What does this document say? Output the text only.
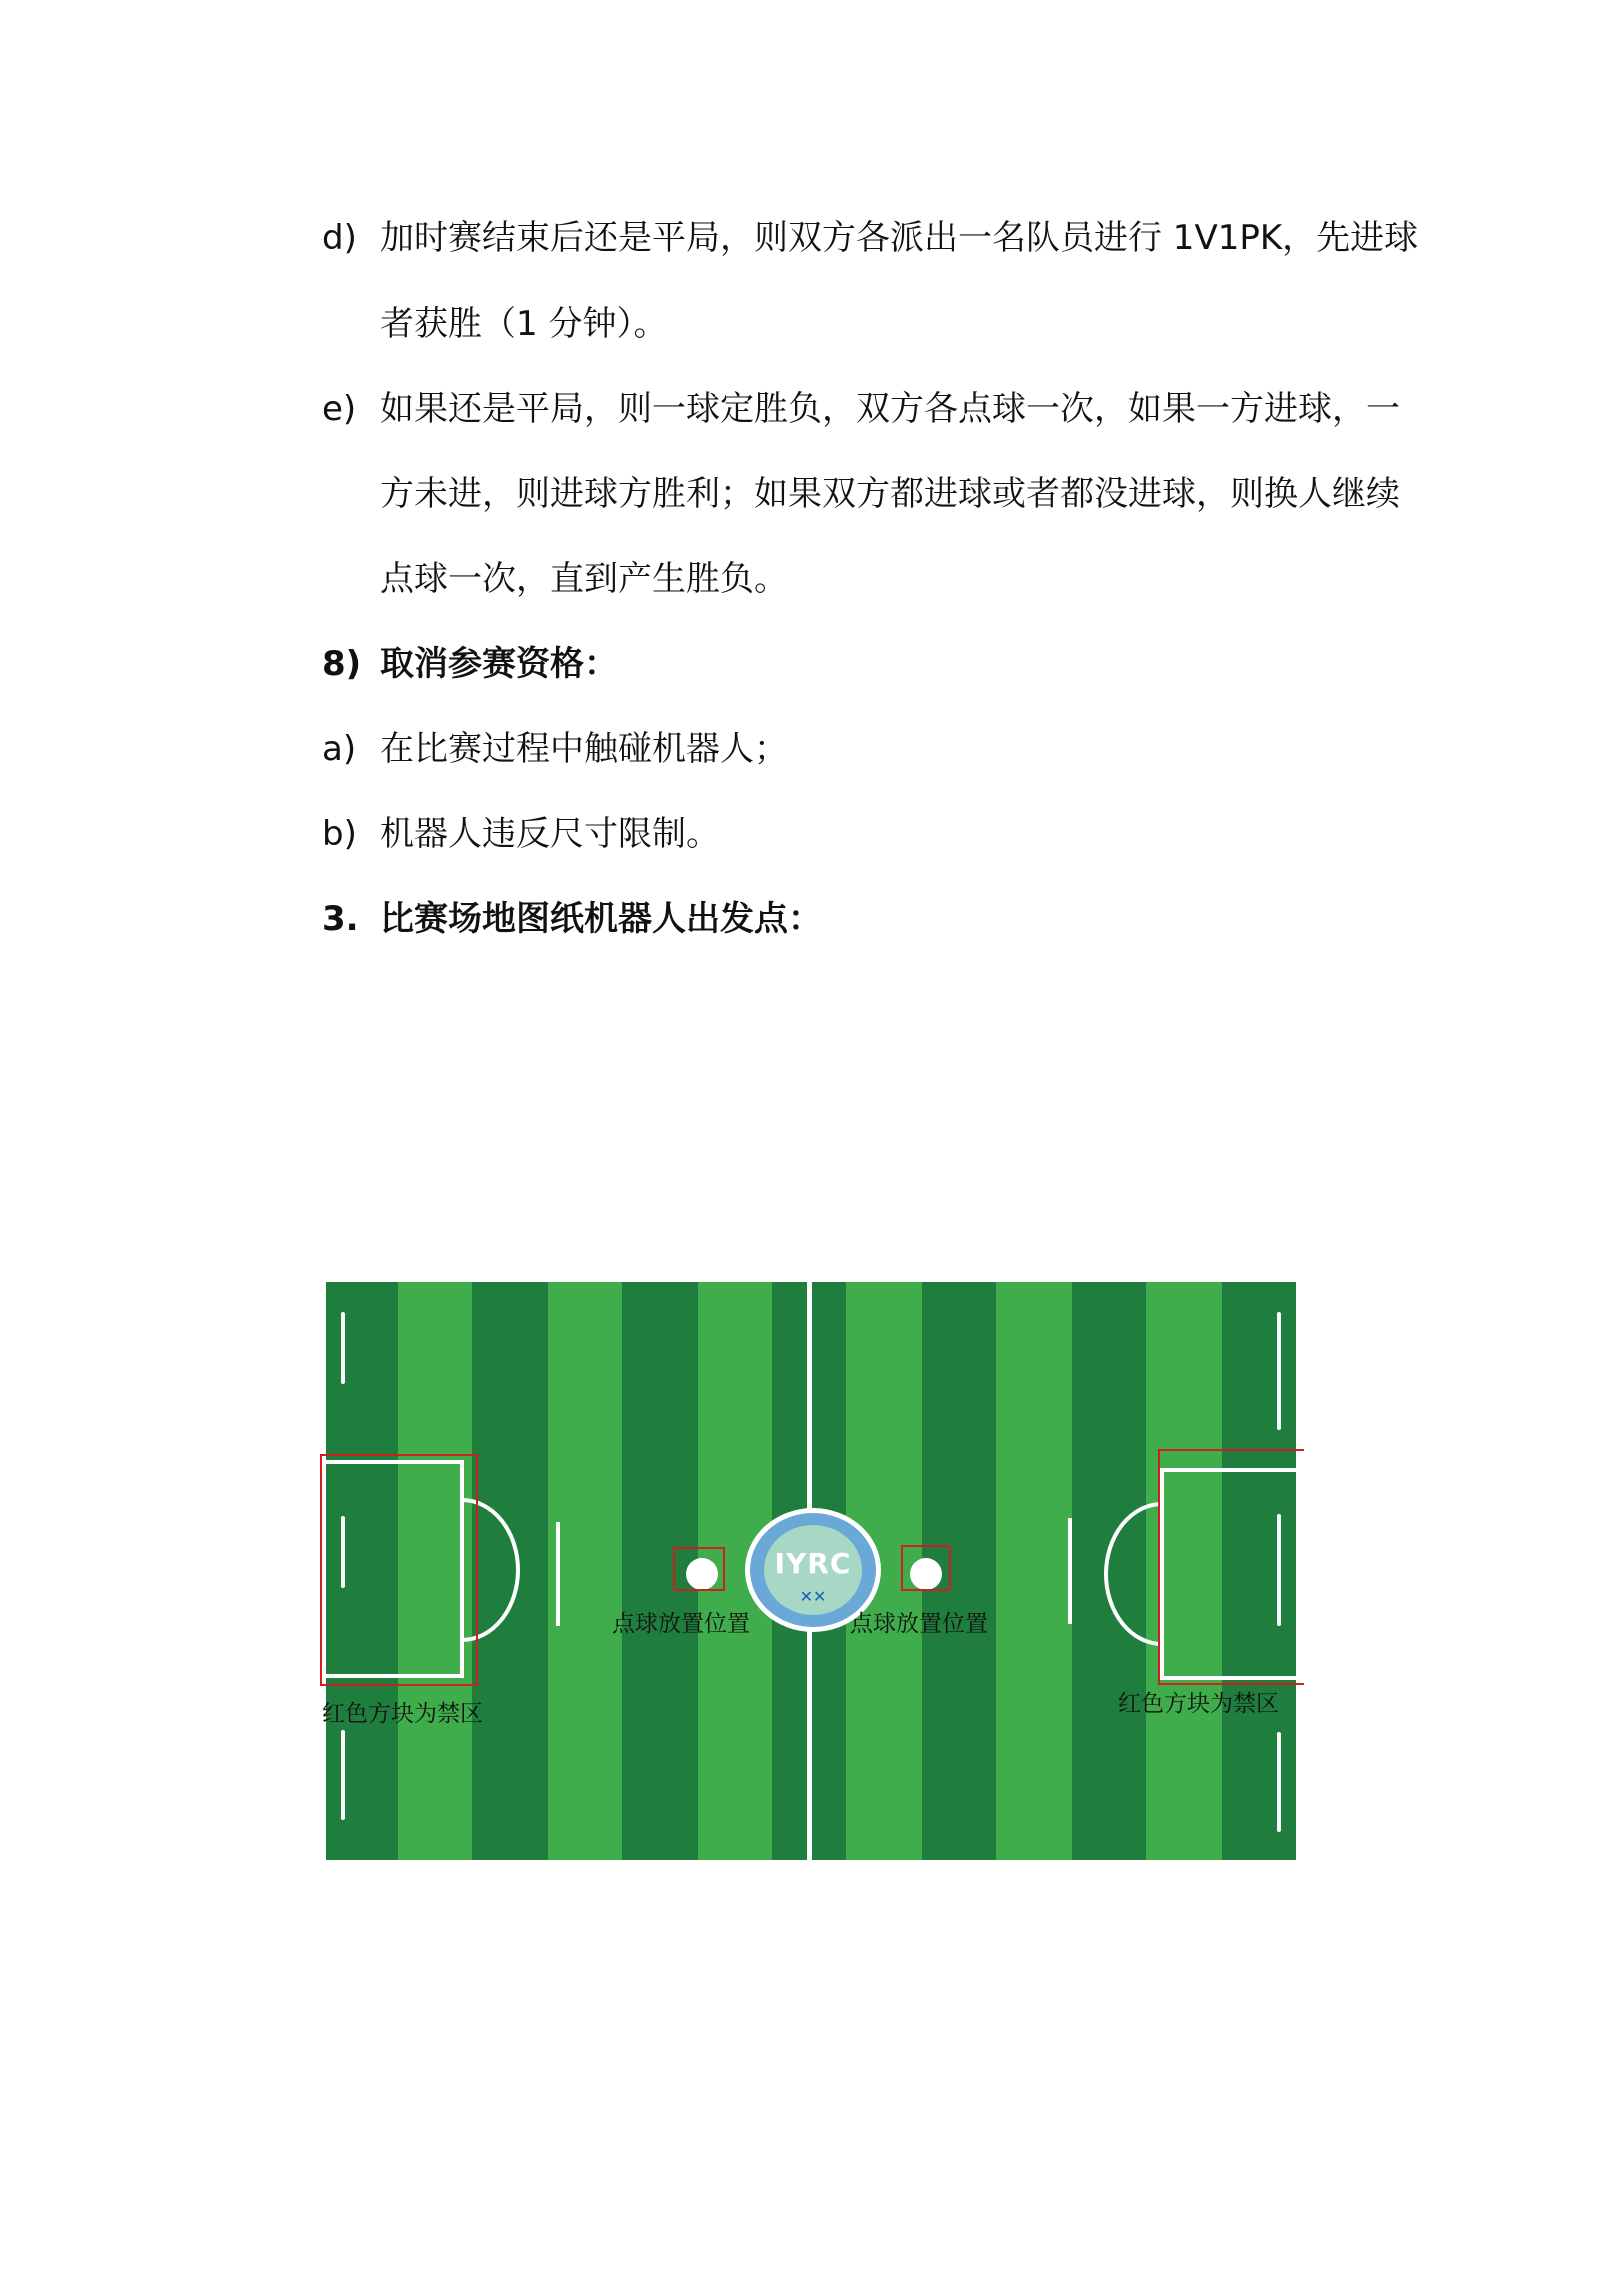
d) 加时赛结束后还是平局，则双方各派出一名队员进行 1V1PK，先进球
者获胜（1 分钟）。
e) 如果还是平局，则一球定胜负，双方各点球一次，如果一方进球，一
方未进，则进球方胜利；如果双方都进球或者都没进球，则换人继续
点球一次，直到产生胜负。
8) 取消参赛资格：
a) 在比赛过程中触碰机器人；
b) 机器人违反尺寸限制。
3. 比赛场地图纸机器人出发点：
IYRC
✕✕
点球放置位置	点球放置位置
红色方块为禁区	红色方块为禁区
